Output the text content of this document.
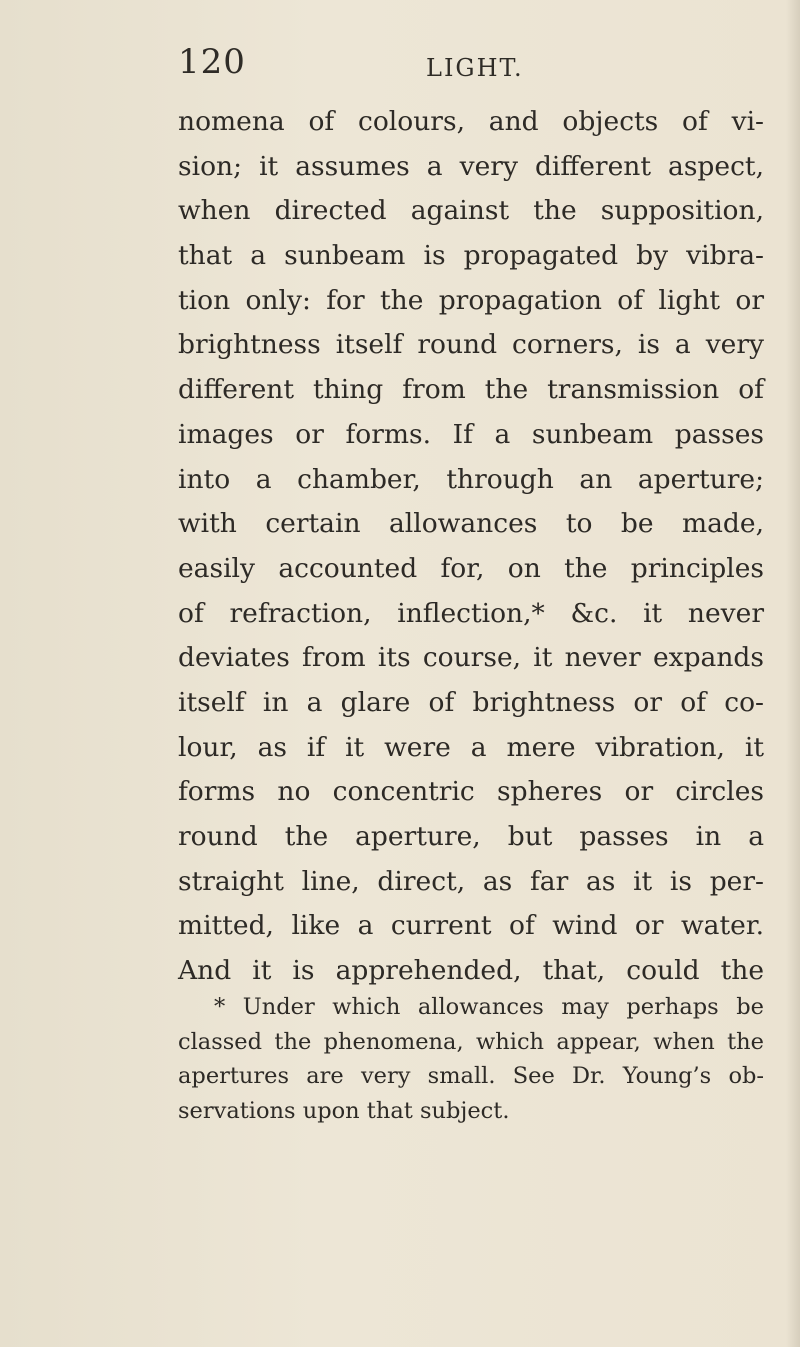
120	LIGHT.
nomena of colours, and objects of vi-
sion; it assumes a very different aspect,
when directed against the supposition,
that a sunbeam is propagated by vibra-
tion only: for the propagation of light or
brightness itself round corners, is a very
different thing from the transmission of
images or forms. If a sunbeam passes
into a chamber, through an aperture;
with certain allowances to be made,
easily accounted for, on the principles
of refraction, inflection,* &c. it never
deviates from its course, it never expands
itself in a glare of brightness or of co-
lour, as if it were a mere vibration, it
forms no concentric spheres or circles
round the aperture, but passes in a
straight line, direct, as far as it is per-
mitted, like a current of wind or water.
And it is apprehended, that, could the
* Under which allowances may perhaps be
classed the phenomena, which appear, when the
apertures are very small. See Dr. Young’s ob-
servations upon that subject.
